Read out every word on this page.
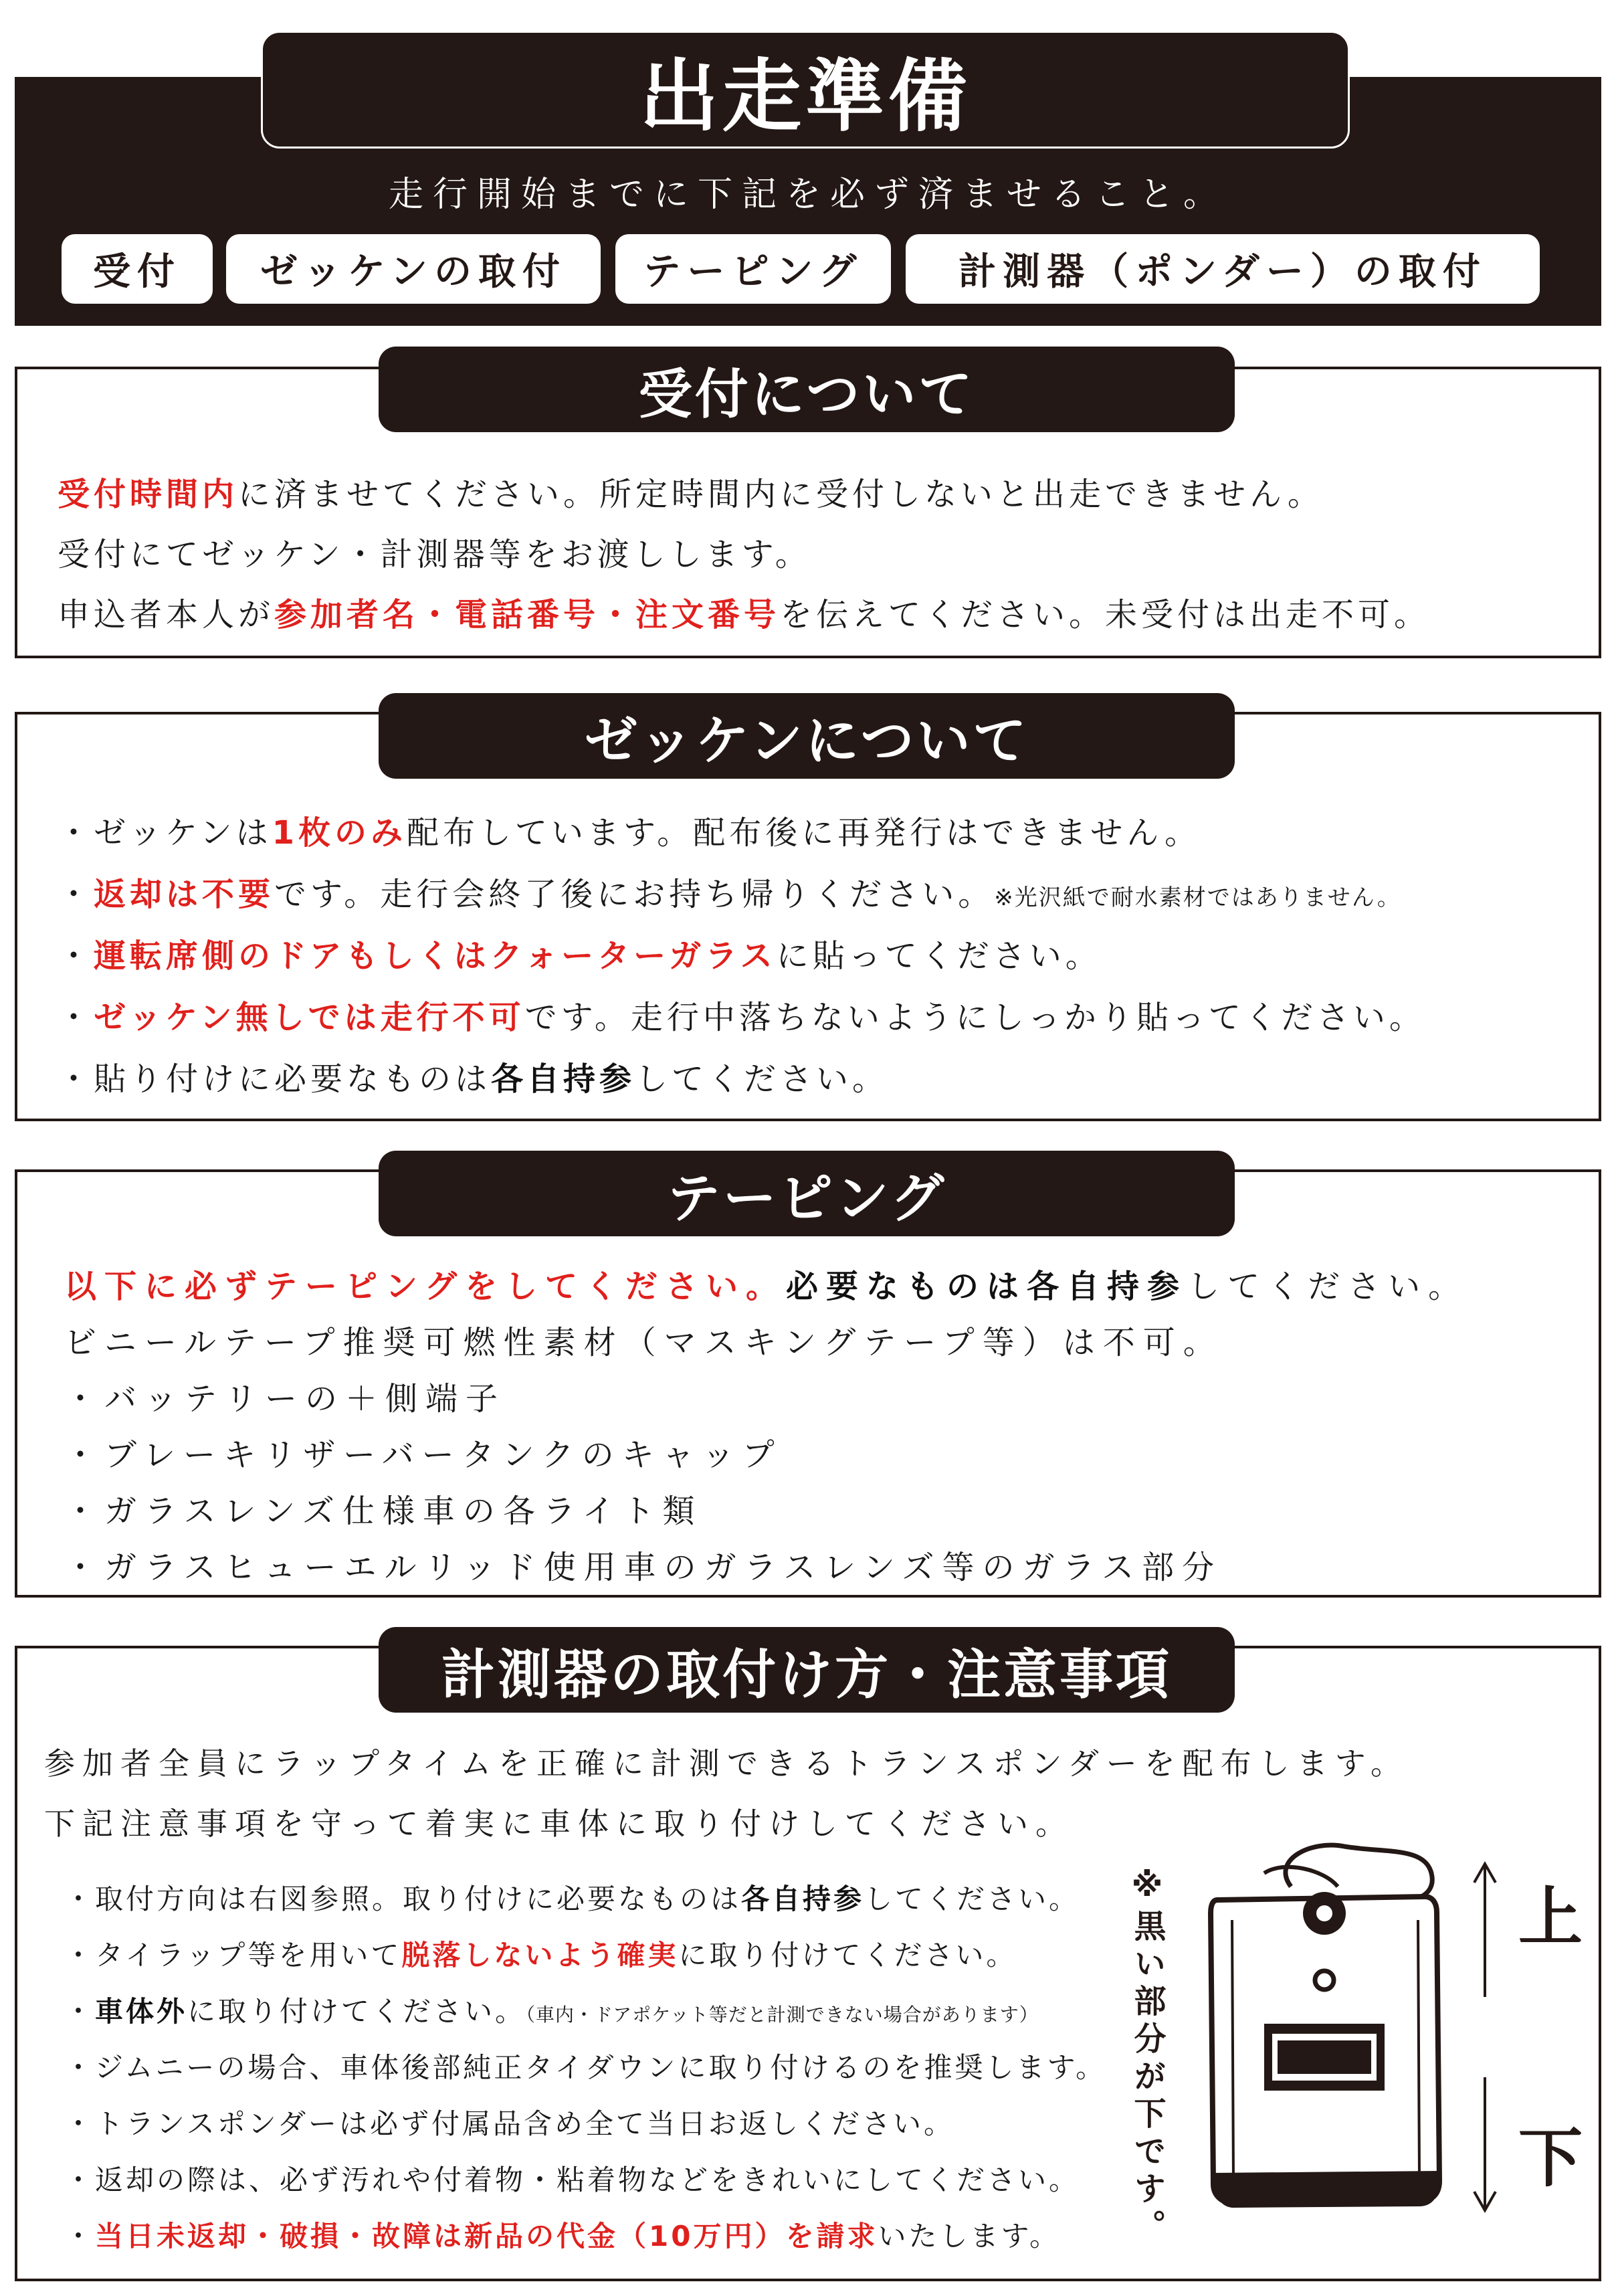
出走準備
走行開始までに下記を必ず済ませること。
受付	ゼッケンの取付	テーピング	計測器（ポンダー）の取付
受付について
受付時間内に済ませてください。所定時間内に受付しないと出走できません。
受付にてゼッケン・計測器等をお渡しします。
申込者本人が参加者名・電話番号・注文番号を伝えてください。未受付は出走不可。
ゼッケンについて
・ゼッケンは1枚のみ配布しています。配布後に再発行はできません。
・返却は不要です。走行会終了後にお持ち帰りください。※光沢紙で耐水素材ではありません。
・運転席側のドアもしくはクォーターガラスに貼ってください。
・ゼッケン無しでは走行不可です。走行中落ちないようにしっかり貼ってください。
・貼り付けに必要なものは各自持参してください。
テーピング
以下に必ずテーピングをしてください。必要なものは各自持参してください。
ビニールテープ推奨可燃性素材（マスキングテープ等）は不可。
・バッテリーの＋側端子
・ブレーキリザーバータンクのキャップ
・ガラスレンズ仕様車の各ライト類
・ガラスヒューエルリッド使用車のガラスレンズ等のガラス部分
計測器の取付け方・注意事項
参加者全員にラップタイムを正確に計測できるトランスポンダーを配布します。
下記注意事項を守って着実に車体に取り付けしてください。
・取付方向は右図参照。取り付けに必要なものは各自持参してください。
・タイラップ等を用いて脱落しないよう確実に取り付けてください。
・車体外に取り付けてください。（車内・ドアポケット等だと計測できない場合があります）
・ジムニーの場合、車体後部純正タイダウンに取り付けるのを推奨します。
・トランスポンダーは必ず付属品含め全て当日お返しください。
・返却の際は、必ず汚れや付着物・粘着物などをきれいにしてください。
・当日未返却・破損・故障は新品の代金（10万円）を請求いたします。 ※黒い部分が下です。	上
下
